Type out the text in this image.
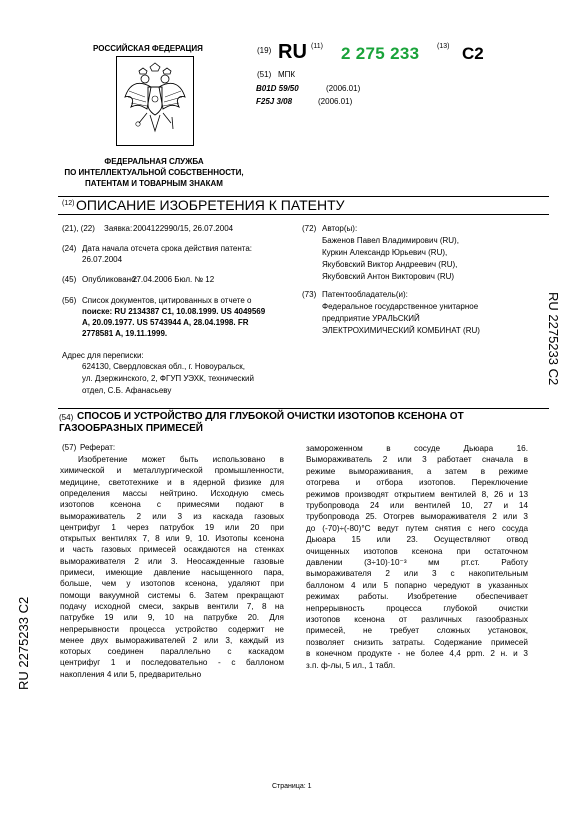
РОССИЙСКАЯ ФЕДЕРАЦИЯ
ФЕДЕРАЛЬНАЯ СЛУЖБА
ПО ИНТЕЛЛЕКТУАЛЬНОЙ СОБСТВЕННОСТИ,
ПАТЕНТАМ И ТОВАРНЫМ ЗНАКАМ
(19) RU (11) 2 275 233	(13) C2
(51) МПК
B01D 59/50	(2006.01)
F25J 3/08	(2006.01)
(12) ОПИСАНИЕ ИЗОБРЕТЕНИЯ К ПАТЕНТУ
(21), (22) Заявка: 2004122990/15, 26.07.2004
(24) Дата начала отсчета срока действия патента:
26.07.2004
(45) Опубликовано:
27.04.2006 Бюл. № 12
(56) Список документов, цитированных в отчете о
поиске: RU 2134387 C1, 10.08.1999. US 4049569
A, 20.09.1977. US 5743944 A, 28.04.1998. FR
2778581 A, 19.11.1999.
Адрес для переписки:
624130, Свердловская обл., г. Новоуральск,
ул. Дзержинского, 2, ФГУП УЭХК, технический
отдел, С.Б. Афанасьеву
(72) Автор(ы):
Баженов Павел Владимирович (RU),
Куркин Александр Юрьевич (RU),
Якубовский Виктор Андреевич (RU),
Якубовский Антон Викторович (RU)
(73) Патентообладатель(и):
Федеральное государственное унитарное
предприятие УРАЛЬСКИЙ
ЭЛЕКТРОХИМИЧЕСКИЙ КОМБИНАТ (RU)	RU 2275233 C2
RU 2275233 C2
(54) СПОСОБ И УСТРОЙСТВО ДЛЯ ГЛУБОКОЙ ОЧИСТКИ ИЗОТОПОВ КСЕНОНА ОТ
ГАЗООБРАЗНЫХ ПРИМЕСЕЙ
(57) Реферат:
Изобретение может быть использовано в
химической и металлургической промышленности,
медицине, светотехнике и в ядерной физике для
определения массы нейтрино. Исходную смесь
изотопов ксенона с примесями подают в
вымораживатель 2 или 3 из каскада газовых
центрифуг 1 через патрубок 19 или 20 при
открытых вентилях 7, 8 или 9, 10. Изотопы ксенона
и часть газовых примесей осаждаются на стенках
вымораживателя 2 или 3. Неосажденные газовые
примеси, имеющие давление насыщенного пара,
больше, чем у изотопов ксенона, удаляют при
помощи вакуумной системы 6. Затем прекращают
подачу исходной смеси, закрыв вентили 7, 8 на
патрубке 19 или 9, 10 на патрубке 20. Для
непрерывности процесса устройство содержит не
менее двух вымораживателей 2 или 3, каждый из
которых соединен параллельно с каскадом
центрифуг 1 и последовательно - с баллоном
накопления 4 или 5, предварительно
замороженном в сосуде Дьюара 16.
Вымораживатель 2 или 3 работает сначала в
режиме вымораживания, а затем в режиме
отогрева и отбора изотопов. Переключение
режимов производят открытием вентилей 8, 26 и 13
трубопровода 24 или вентилей 10, 27 и 14
трубопровода 25. Отогрев вымораживателя 2 или 3
до (-70)÷(-80)°С ведут путем снятия с него сосуда
Дьюара 15 или 23. Осуществляют отвод
очищенных изотопов ксенона при остаточном
давлении (3÷10)·10⁻³ мм рт.ст. Работу
вымораживателя 2 или 3 с накопительным
баллоном 4 или 5 попарно чередуют в указанных
режимах работы. Изобретение обеспечивает
непрерывность процесса глубокой очистки
изотопов ксенона от различных газообразных
примесей, не требует сложных установок,
позволяет снизить затраты. Содержание примесей
в конечном продукте - не более 4,4 ppm. 2 н. и 3
з.п. ф-лы, 5 ил., 1 табл.
Страница: 1
